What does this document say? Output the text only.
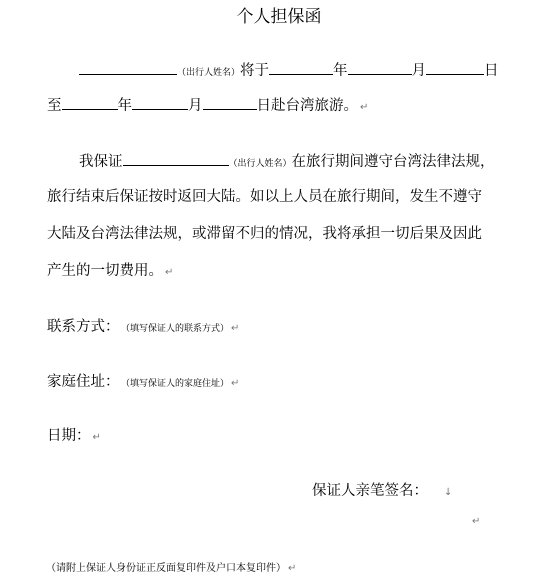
个人担保函
（出行人姓名）将于	年	月	日
至	年	月	日赴台湾旅游。 ↵
我保证	（出行人姓名）在旅行期间遵守台湾法律法规，
旅行结束后保证按时返回大陆。如以上人员在旅行期间，发生不遵守
大陆及台湾法律法规，或滞留不归的情况，我将承担一切后果及因此
产生的一切费用。 ↵
联系方式： （填写保证人的联系方式） ↵
家庭住址： （填写保证人的家庭住址） ↵
日期： ↵
保证人亲笔签名： ↓
↵
（请附上保证人身份证正反面复印件及户口本复印件） ↵
